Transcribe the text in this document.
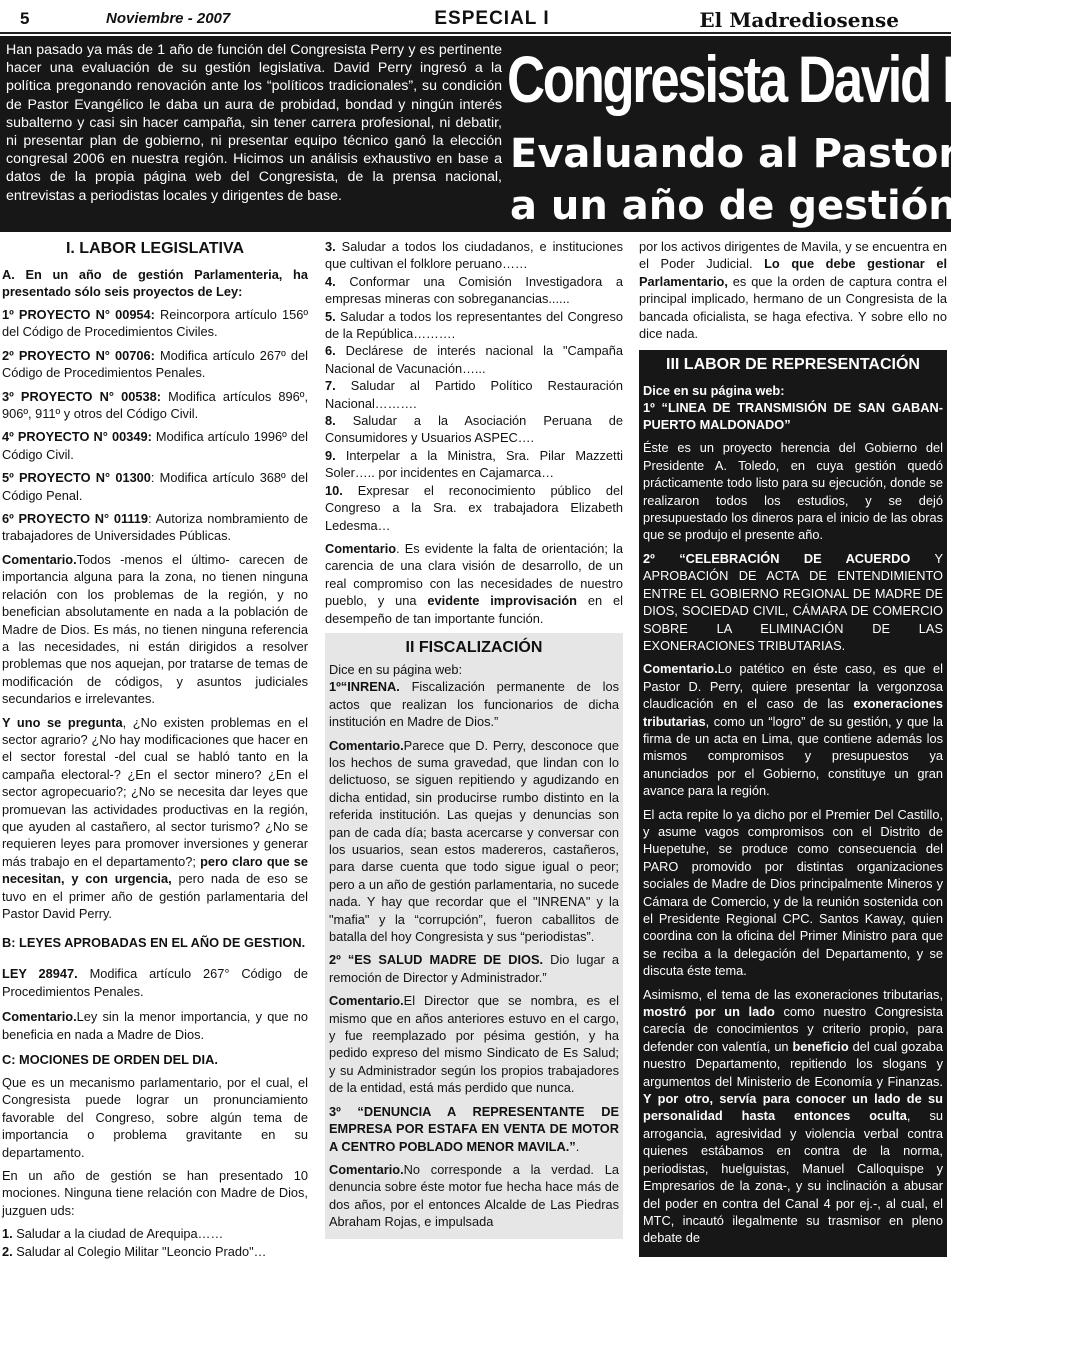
5	Noviembre - 2007	ESPECIAL I	El Madrediosense
Han pasado ya más de 1 año de función del Congresista Perry y es pertinente hacer una evaluación de su gestión legislativa. David Perry ingresó a la política pregonando renovación ante los “políticos tradicionales”, su condición de Pastor Evangélico le daba un aura de probidad, bondad y ningún interés subalterno y casi sin hacer campaña, sin tener carrera profesional, ni debatir, ni presentar plan de gobierno, ni presentar equipo técnico ganó la elección congresal 2006 en nuestra región. Hicimos un análisis exhaustivo en base a datos de la propia página web del Congresista, de la prensa nacional, entrevistas a periodistas locales y dirigentes de base.
Congresista David Perry
Evaluando al Pastor
a un año de gestión
I. LABOR LEGISLATIVA

A. En un año de gestión Parlamenteria, ha presentado sólo seis proyectos de Ley:

1º PROYECTO N° 00954: Reincorpora artículo 156º del Código de Procedimientos Civiles.

2º PROYECTO N° 00706: Modifica artículo 267º del Código de Procedimientos Penales.

3º PROYECTO N° 00538: Modifica artículos 896º, 906º, 911º y otros del Código Civil.

4º PROYECTO N° 00349: Modifica artículo 1996º del Código Civil.

5º PROYECTO N° 01300: Modifica artículo 368º del Código Penal.

6º PROYECTO N° 01119: Autoriza nombramiento de trabajadores de Universidades Públicas.

Comentario.Todos -menos el último- carecen de importancia alguna para la zona, no tienen ninguna relación con los problemas de la región, y no benefician absolutamente en nada a la población de Madre de Dios. Es más, no tienen ninguna referencia a las necesidades, ni están dirigidos a resolver problemas que nos aquejan, por tratarse de temas de modificación de códigos, y asuntos judiciales secundarios e irrelevantes.

Y uno se pregunta, ¿No existen problemas en el sector agrario? ¿No hay modificaciones que hacer en el sector forestal -del cual se habló tanto en la campaña electoral-? ¿En el sector minero? ¿En el sector agropecuario?; ¿No se necesita dar leyes que promuevan las actividades productivas en la región, que ayuden al castañero, al sector turismo? ¿No se requieren leyes para promover inversiones y generar más trabajo en el departamento?; pero claro que se necesitan, y con urgencia, pero nada de eso se tuvo en el primer año de gestión parlamentaria del Pastor David Perry.

B: LEYES APROBADAS EN EL AÑO DE GESTION.

LEY 28947. Modifica artículo 267° Código de Procedimientos Penales.

Comentario.Ley sin la menor importancia, y que no beneficia en nada a Madre de Dios.

C: MOCIONES DE ORDEN DEL DIA.

Que es un mecanismo parlamentario, por el cual, el Congresista puede lograr un pronunciamiento favorable del Congreso, sobre algún tema de importancia o problema gravitante en su departamento.

En un año de gestión se han presentado 10 mociones. Ninguna tiene relación con Madre de Dios, juzguen uds:

1. Saludar a la ciudad de Arequipa……

2. Saludar al Colegio Militar "Leoncio Prado"…

3. Saludar a todos los ciudadanos, e instituciones que cultivan el folklore peruano……

4. Conformar una Comisión Investigadora a empresas mineras con sobreganancias......

5. Saludar a todos los representantes del Congreso de la República……….

6. Declárese de interés nacional la "Campaña Nacional de Vacunación…...

7. Saludar al Partido Político Restauración Nacional……….

8. Saludar a la Asociación Peruana de Consumidores y Usuarios ASPEC….

9. Interpelar a la Ministra, Sra. Pilar Mazzetti Soler….. por incidentes en Cajamarca…

10. Expresar el reconocimiento público del Congreso a la Sra. ex trabajadora Elizabeth Ledesma…

Comentario. Es evidente la falta de orientación; la carencia de una clara visión de desarrollo, de un real compromiso con las necesidades de nuestro pueblo, y una evidente improvisación en el desempeño de tan importante función.

II FISCALIZACIÓN

Dice en su página web:

1º“INRENA. Fiscalización permanente de los actos que realizan los funcionarios de dicha institución en Madre de Dios.”

Comentario.Parece que D. Perry, desconoce que los hechos de suma gravedad, que lindan con lo delictuoso, se siguen repitiendo y agudizando en dicha entidad, sin producirse rumbo distinto en la referida institución. Las quejas y denuncias son pan de cada día; basta acercarse y conversar con los usuarios, sean estos madereros, castañeros, para darse cuenta que todo sigue igual o peor; pero a un año de gestión parlamentaria, no sucede nada. Y hay que recordar que el "INRENA" y la "mafia" y la “corrupción”, fueron caballitos de batalla del hoy Congresista y sus “periodistas”.

2º “ES SALUD MADRE DE DIOS. Dio lugar a remoción de Director y Administrador.”

Comentario.El Director que se nombra, es el mismo que en años anteriores estuvo en el cargo, y fue reemplazado por pésima gestión, y ha pedido expreso del mismo Sindicato de Es Salud; y su Administrador según los propios trabajadores de la entidad, está más perdido que nunca.

3º “DENUNCIA A REPRESENTANTE DE EMPRESA POR ESTAFA EN VENTA DE MOTOR A CENTRO POBLADO MENOR MAVILA.”.

Comentario.No corresponde a la verdad. La denuncia sobre éste motor fue hecha hace más de dos años, por el entonces Alcalde de Las Piedras Abraham Rojas, e impulsada

por los activos dirigentes de Mavila, y se encuentra en el Poder Judicial. Lo que debe gestionar el Parlamentario, es que la orden de captura contra el principal implicado, hermano de un Congresista de la bancada oficialista, se haga efectiva. Y sobre ello no dice nada.

III LABOR DE REPRESENTACIÓN

Dice en su página web:
1º “LINEA DE TRANSMISIÓN DE SAN GABAN-PUERTO MALDONADO”

Éste es un proyecto herencia del Gobierno del Presidente A. Toledo, en cuya gestión quedó prácticamente todo listo para su ejecución, donde se realizaron todos los estudios, y se dejó presupuestado los dineros para el inicio de las obras que se produjo el presente año.

2º “CELEBRACIÓN DE ACUERDO Y APROBACIÓN DE ACTA DE ENTENDIMIENTO ENTRE EL GOBIERNO REGIONAL DE MADRE DE DIOS, SOCIEDAD CIVIL, CÁMARA DE COMERCIO SOBRE LA ELIMINACIÓN DE LAS EXONERACIONES TRIBUTARIAS.

Comentario.Lo patético en éste caso, es que el Pastor D. Perry, quiere presentar la vergonzosa claudicación en el caso de las exoneraciones tributarias, como un “logro” de su gestión, y que la firma de un acta en Lima, que contiene además los mismos compromisos y presupuestos ya anunciados por el Gobierno, constituye un gran avance para la región.

El acta repite lo ya dicho por el Premier Del Castillo, y asume vagos compromisos con el Distrito de Huepetuhe, se produce como consecuencia del PARO promovido por distintas organizaciones sociales de Madre de Dios principalmente Mineros y Cámara de Comercio, y de la reunión sostenida con el Presidente Regional CPC. Santos Kaway, quien coordina con la oficina del Primer Ministro para que se reciba a la delegación del Departamento, y se discuta éste tema.

Asimismo, el tema de las exoneraciones tributarias, mostró por un lado como nuestro Congresista carecía de conocimientos y criterio propio, para defender con valentía, un beneficio del cual gozaba nuestro Departamento, repitiendo los slogans y argumentos del Ministerio de Economía y Finanzas. Y por otro, servía para conocer un lado de su personalidad hasta entonces oculta, su arrogancia, agresividad y violencia verbal contra quienes estábamos en contra de la norma, periodistas, huelguistas, Manuel Calloquispe y Empresarios de la zona-, y su inclinación a abusar del poder en contra del Canal 4 por ej.-, al cual, el MTC, incautó ilegalmente su trasmisor en pleno debate de
